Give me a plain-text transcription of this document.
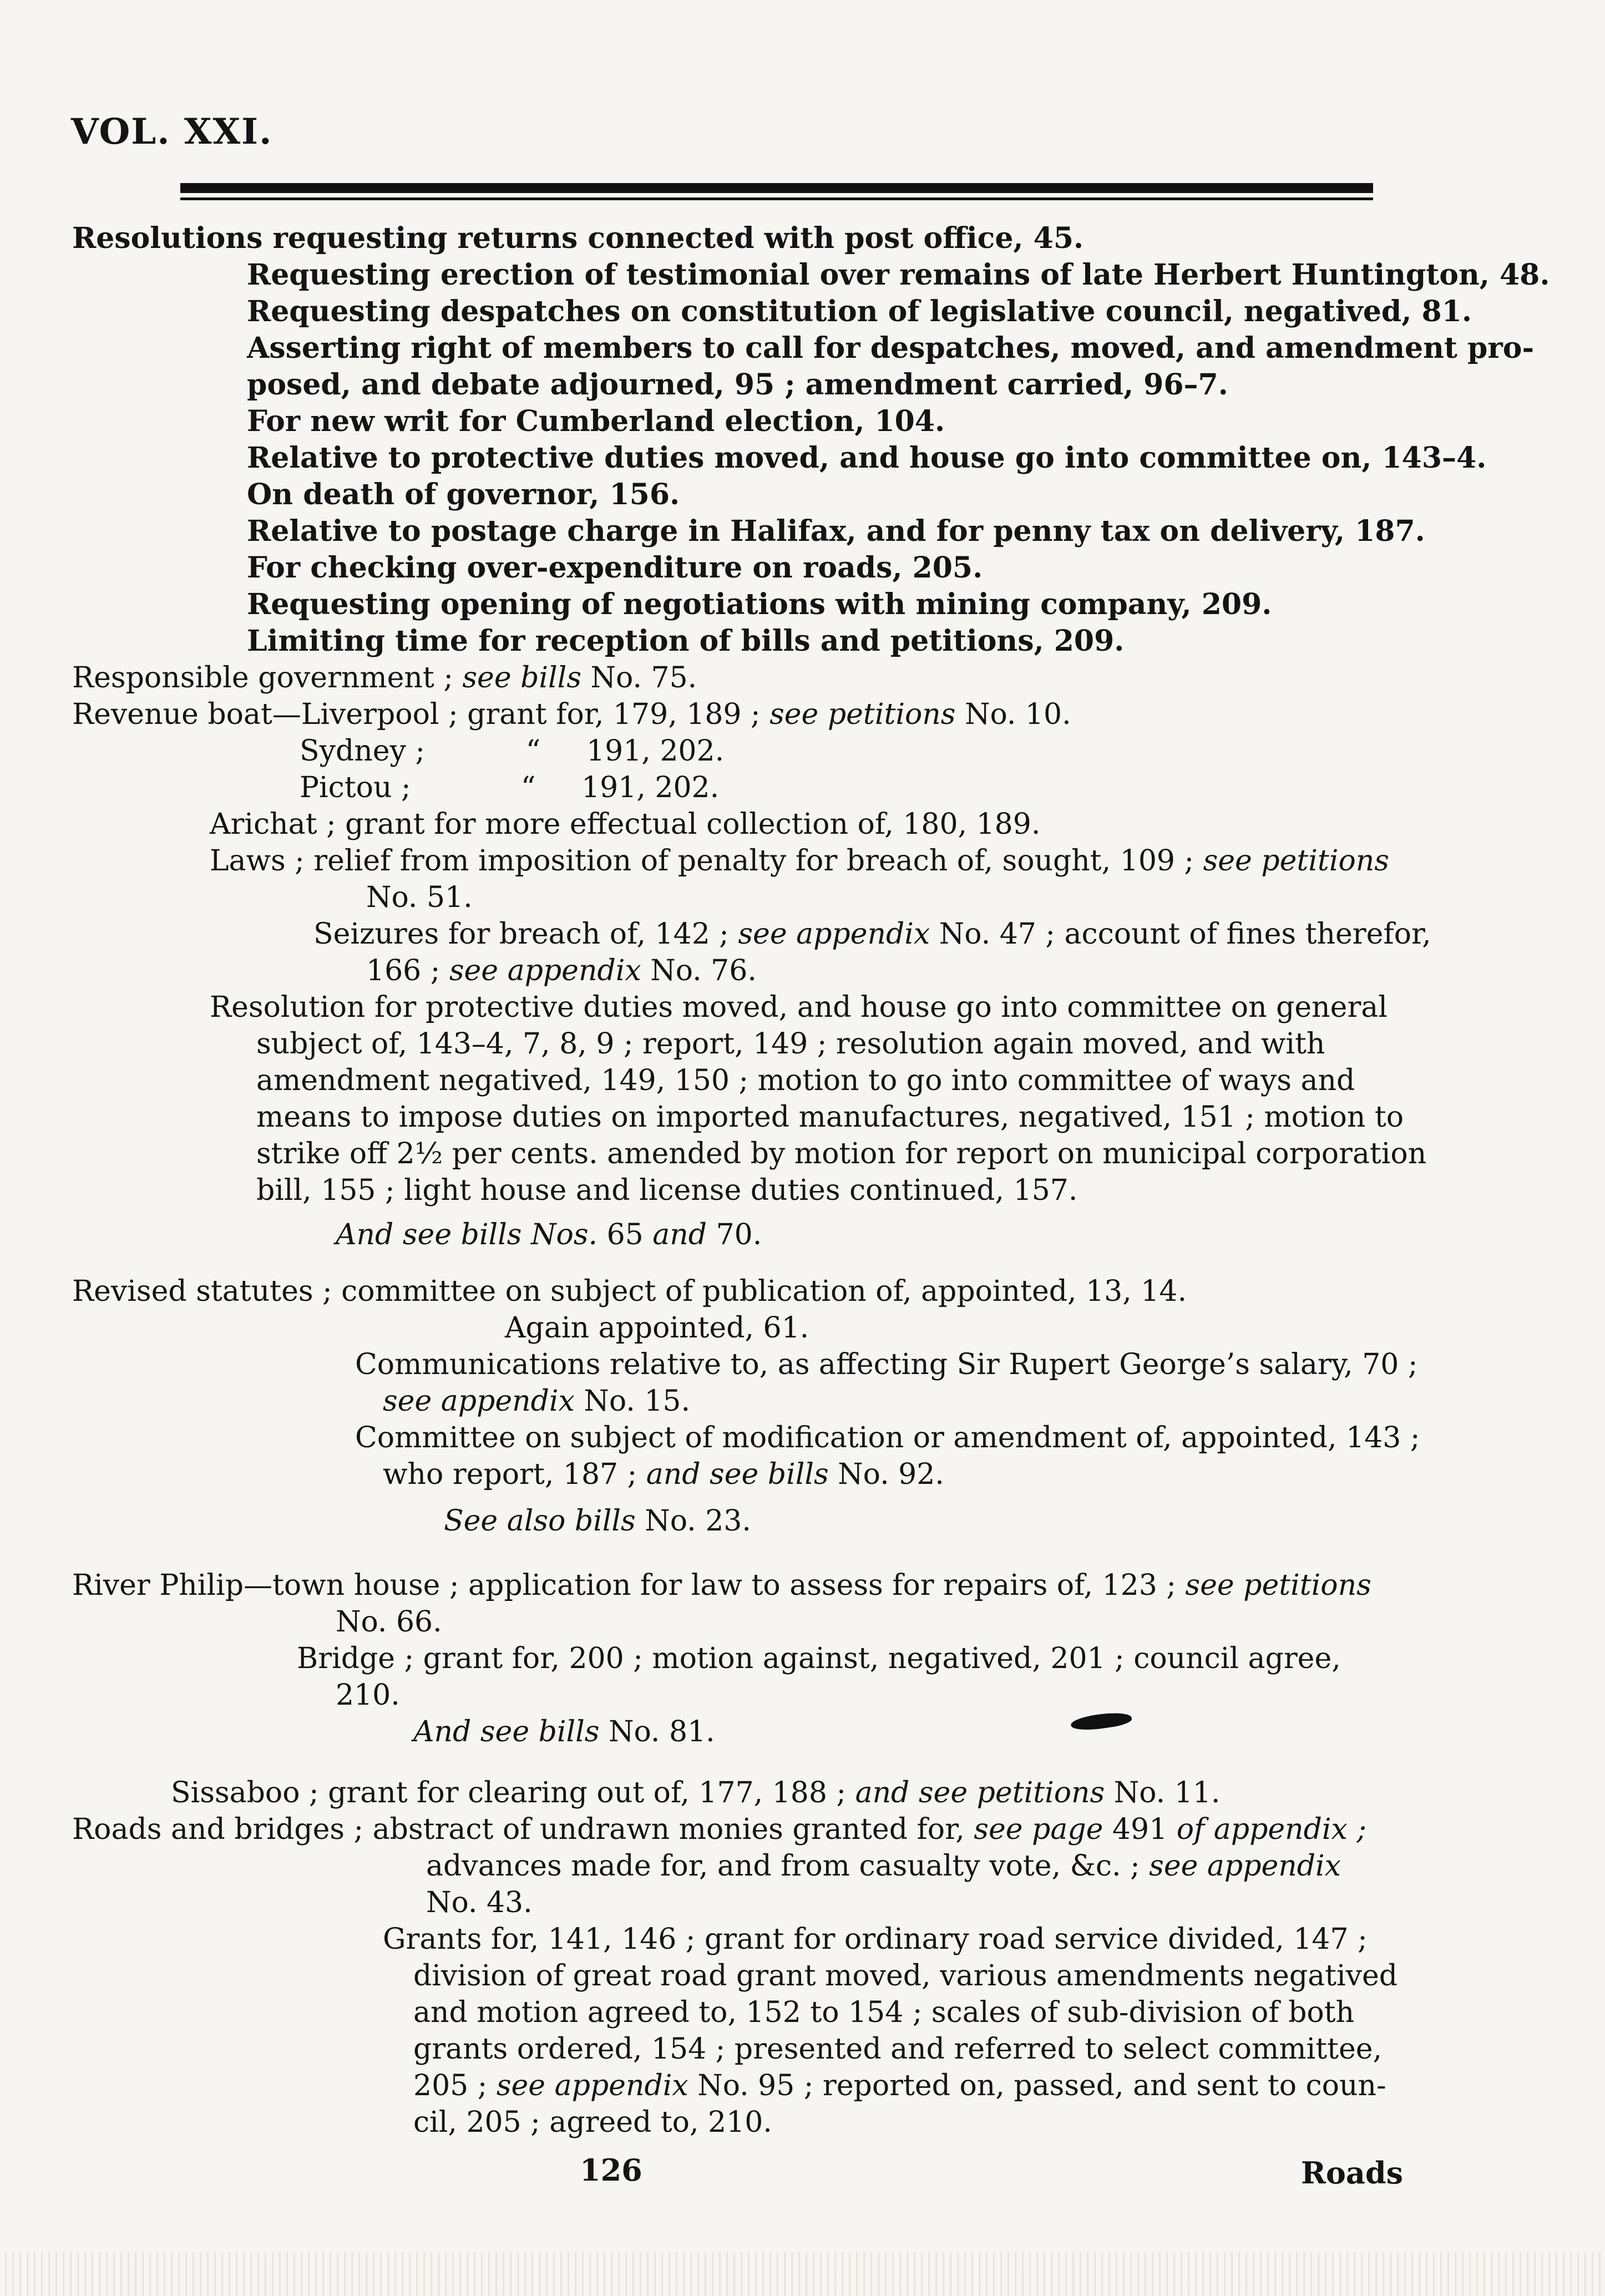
VOL. XXI.
Resolutions requesting returns connected with post office, 45.
Requesting erection of testimonial over remains of late Herbert Huntington, 48.
Requesting despatches on constitution of legislative council, negatived, 81.
Asserting right of members to call for despatches, moved, and amendment pro-
posed, and debate adjourned, 95 ; amendment carried, 96–7.
For new writ for Cumberland election, 104.
Relative to protective duties moved, and house go into committee on, 143–4.
On death of governor, 156.
Relative to postage charge in Halifax, and for penny tax on delivery, 187.
For checking over-expenditure on roads, 205.
Requesting opening of negotiations with mining company, 209.
Limiting time for reception of bills and petitions, 209.
Responsible government ; see bills No. 75.
Revenue boat—Liverpool ; grant for, 179, 189 ; see petitions No. 10.
Sydney ;           “     191, 202.
Pictou ;            “     191, 202.
Arichat ; grant for more effectual collection of, 180, 189.
Laws ; relief from imposition of penalty for breach of, sought, 109 ; see petitions
No. 51.
Seizures for breach of, 142 ; see appendix No. 47 ; account of fines therefor,
166 ; see appendix No. 76.
Resolution for protective duties moved, and house go into committee on general
subject of, 143–4, 7, 8, 9 ; report, 149 ; resolution again moved, and with
amendment negatived, 149, 150 ; motion to go into committee of ways and
means to impose duties on imported manufactures, negatived, 151 ; motion to
strike off 2½ per cents. amended by motion for report on municipal corporation
bill, 155 ; light house and license duties continued, 157.
And see bills Nos. 65 and 70.
Revised statutes ; committee on subject of publication of, appointed, 13, 14.
Again appointed, 61.
Communications relative to, as affecting Sir Rupert George’s salary, 70 ;
see appendix No. 15.
Committee on subject of modification or amendment of, appointed, 143 ;
who report, 187 ; and see bills No. 92.
See also bills No. 23.
River Philip—town house ; application for law to assess for repairs of, 123 ; see petitions
No. 66.
Bridge ; grant for, 200 ; motion against, negatived, 201 ; council agree,
210.
And see bills No. 81.
Sissaboo ; grant for clearing out of, 177, 188 ; and see petitions No. 11.
Roads and bridges ; abstract of undrawn monies granted for, see page 491 of appendix ;
advances made for, and from casualty vote, &c. ; see appendix
No. 43.
Grants for, 141, 146 ; grant for ordinary road service divided, 147 ;
division of great road grant moved, various amendments negatived
and motion agreed to, 152 to 154 ; scales of sub-division of both
grants ordered, 154 ; presented and referred to select committee,
205 ; see appendix No. 95 ; reported on, passed, and sent to coun-
cil, 205 ; agreed to, 210.
126	Roads
